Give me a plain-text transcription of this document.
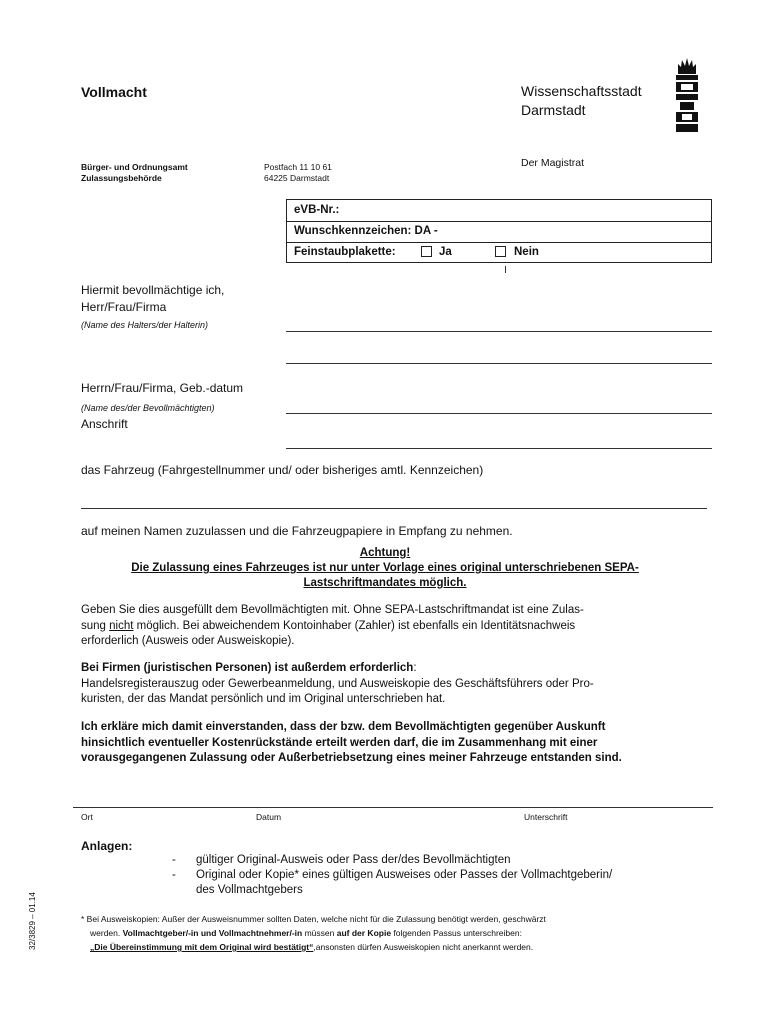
Vollmacht	Wissenschaftsstadt
Darmstadt
Bürger- und Ordnungsamt
Zulassungsbehörde
Postfach 11 10 61
64225 Darmstadt
Der Magistrat
eVB-Nr.:
Wunschkennzeichen: DA -
Feinstaubplakette:	Ja	Nein
Hiermit bevollmächtige ich,
Herr/Frau/Firma
(Name des Halters/der Halterin)
Herrn/Frau/Firma, Geb.-datum
(Name des/der Bevollmächtigten)
Anschrift
das Fahrzeug (Fahrgestellnummer und/ oder bisheriges amtl. Kennzeichen)
auf meinen Namen zuzulassen und die Fahrzeugpapiere in Empfang zu nehmen.
Achtung!
Die Zulassung eines Fahrzeuges ist nur unter Vorlage eines original unterschriebenen SEPA-
Lastschriftmandates möglich.
Geben Sie dies ausgefüllt dem Bevollmächtigten mit. Ohne SEPA-Lastschriftmandat ist eine Zulas-
sung nicht möglich. Bei abweichendem Kontoinhaber (Zahler) ist ebenfalls ein Identitätsnachweis
erforderlich (Ausweis oder Ausweiskopie).
Bei Firmen (juristischen Personen) ist außerdem erforderlich:
Handelsregisterauszug oder Gewerbeanmeldung, und Ausweiskopie des Geschäftsführers oder Pro-
kuristen, der das Mandat persönlich und im Original unterschrieben hat.
Ich erkläre mich damit einverstanden, dass der bzw. dem Bevollmächtigten gegenüber Auskunft
hinsichtlich eventueller Kostenrückstände erteilt werden darf, die im Zusammenhang mit einer
vorausgegangenen Zulassung oder Außerbetriebsetzung eines meiner Fahrzeuge entstanden sind.
Ort	Datum	Unterschrift
Anlagen:
- gültiger Original-Ausweis oder Pass der/des Bevollmächtigten
- Original oder Kopie* eines gültigen Ausweises oder Passes der Vollmachtgeberin/
des Vollmachtgebers
* Bei Ausweiskopien: Außer der Ausweisnummer sollten Daten, welche nicht für die Zulassung benötigt werden, geschwärzt
werden. Vollmachtgeber/-in und Vollmachtnehmer/-in müssen auf der Kopie folgenden Passus unterschreiben:
„Die Übereinstimmung mit dem Original wird bestätigt“,ansonsten dürfen Ausweiskopien nicht anerkannt werden.
32/3829 – 01.14
